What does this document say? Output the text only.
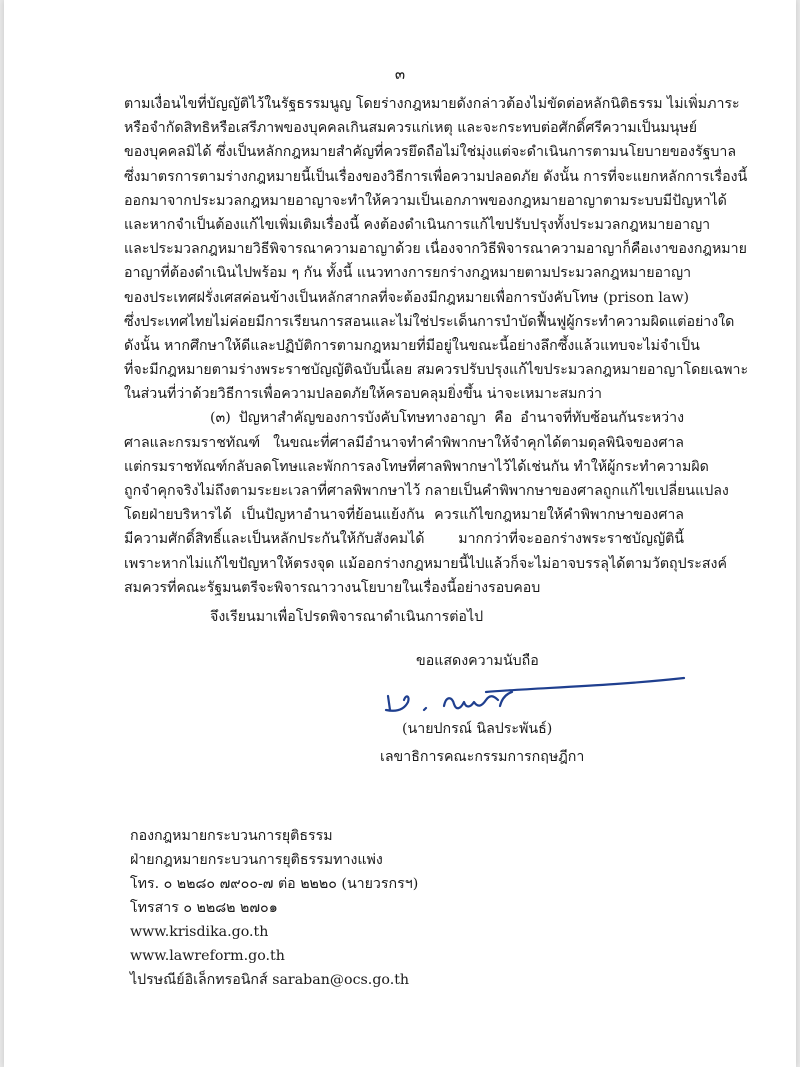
๓
ตามเงื่อนไขที่บัญญัติไว้ในรัฐธรรมนูญ โดยร่างกฎหมายดังกล่าวต้องไม่ขัดต่อหลักนิติธรรม ไม่เพิ่มภาระ
หรือจำกัดสิทธิหรือเสรีภาพของบุคคลเกินสมควรแก่เหตุ และจะกระทบต่อศักดิ์ศรีความเป็นมนุษย์
ของบุคคลมิได้ ซึ่งเป็นหลักกฎหมายสำคัญที่ควรยึดถือไม่ใช่มุ่งแต่จะดำเนินการตามนโยบายของรัฐบาล
ซึ่งมาตรการตามร่างกฎหมายนี้เป็นเรื่องของวิธีการเพื่อความปลอดภัย ดังนั้น การที่จะแยกหลักการเรื่องนี้
ออกมาจากประมวลกฎหมายอาญาจะทำให้ความเป็นเอกภาพของกฎหมายอาญาตามระบบมีปัญหาได้
และหากจำเป็นต้องแก้ไขเพิ่มเติมเรื่องนี้ คงต้องดำเนินการแก้ไขปรับปรุงทั้งประมวลกฎหมายอาญา
และประมวลกฎหมายวิธีพิจารณาความอาญาด้วย เนื่องจากวิธีพิจารณาความอาญาก็คือเงาของกฎหมาย
อาญาที่ต้องดำเนินไปพร้อม ๆ กัน ทั้งนี้ แนวทางการยกร่างกฎหมายตามประมวลกฎหมายอาญา
ของประเทศฝรั่งเศสค่อนข้างเป็นหลักสากลที่จะต้องมีกฎหมายเพื่อการบังคับโทษ (prison law)
ซึ่งประเทศไทยไม่ค่อยมีการเรียนการสอนและไม่ใช่ประเด็นการบำบัดฟื้นฟูผู้กระทำความผิดแต่อย่างใด
ดังนั้น หากศึกษาให้ดีและปฏิบัติการตามกฎหมายที่มีอยู่ในขณะนี้อย่างลึกซึ้งแล้วแทบจะไม่จำเป็น
ที่จะมีกฎหมายตามร่างพระราชบัญญัติฉบับนี้เลย สมควรปรับปรุงแก้ไขประมวลกฎหมายอาญาโดยเฉพาะ
ในส่วนที่ว่าด้วยวิธีการเพื่อความปลอดภัยให้ครอบคลุมยิ่งขึ้น น่าจะเหมาะสมกว่า
(๓) ปัญหาสำคัญของการบังคับโทษทางอาญา คือ อำนาจที่ทับซ้อนกันระหว่าง
ศาลและกรมราชทัณฑ์ ในขณะที่ศาลมีอำนาจทำคำพิพากษาให้จำคุกได้ตามดุลพินิจของศาล
แต่กรมราชทัณฑ์กลับลดโทษและพักการลงโทษที่ศาลพิพากษาไว้ได้เช่นกัน ทำให้ผู้กระทำความผิด
ถูกจำคุกจริงไม่ถึงตามระยะเวลาที่ศาลพิพากษาไว้ กลายเป็นคำพิพากษาของศาลถูกแก้ไขเปลี่ยนแปลง
โดยฝ่ายบริหารได้ เป็นปัญหาอำนาจที่ย้อนแย้งกัน ควรแก้ไขกฎหมายให้คำพิพากษาของศาล
มีความศักดิ์สิทธิ์และเป็นหลักประกันให้กับสังคมได้ มากกว่าที่จะออกร่างพระราชบัญญัตินี้
เพราะหากไม่แก้ไขปัญหาให้ตรงจุด แม้ออกร่างกฎหมายนี้ไปแล้วก็จะไม่อาจบรรลุได้ตามวัตถุประสงค์
สมควรที่คณะรัฐมนตรีจะพิจารณาวางนโยบายในเรื่องนี้อย่างรอบคอบ
จึงเรียนมาเพื่อโปรดพิจารณาดำเนินการต่อไป
ขอแสดงความนับถือ
(นายปกรณ์ นิลประพันธ์)
เลขาธิการคณะกรรมการกฤษฎีกา
กองกฎหมายกระบวนการยุติธรรม
ฝ่ายกฎหมายกระบวนการยุติธรรมทางแพ่ง
โทร. ๐ ๒๒๘๐ ๗๙๐๐-๗ ต่อ ๒๒๒๐ (นายวรกรฯ)
โทรสาร ๐ ๒๒๘๒ ๒๗๐๑
www.krisdika.go.th
www.lawreform.go.th
ไปรษณีย์อิเล็กทรอนิกส์ saraban@ocs.go.th
